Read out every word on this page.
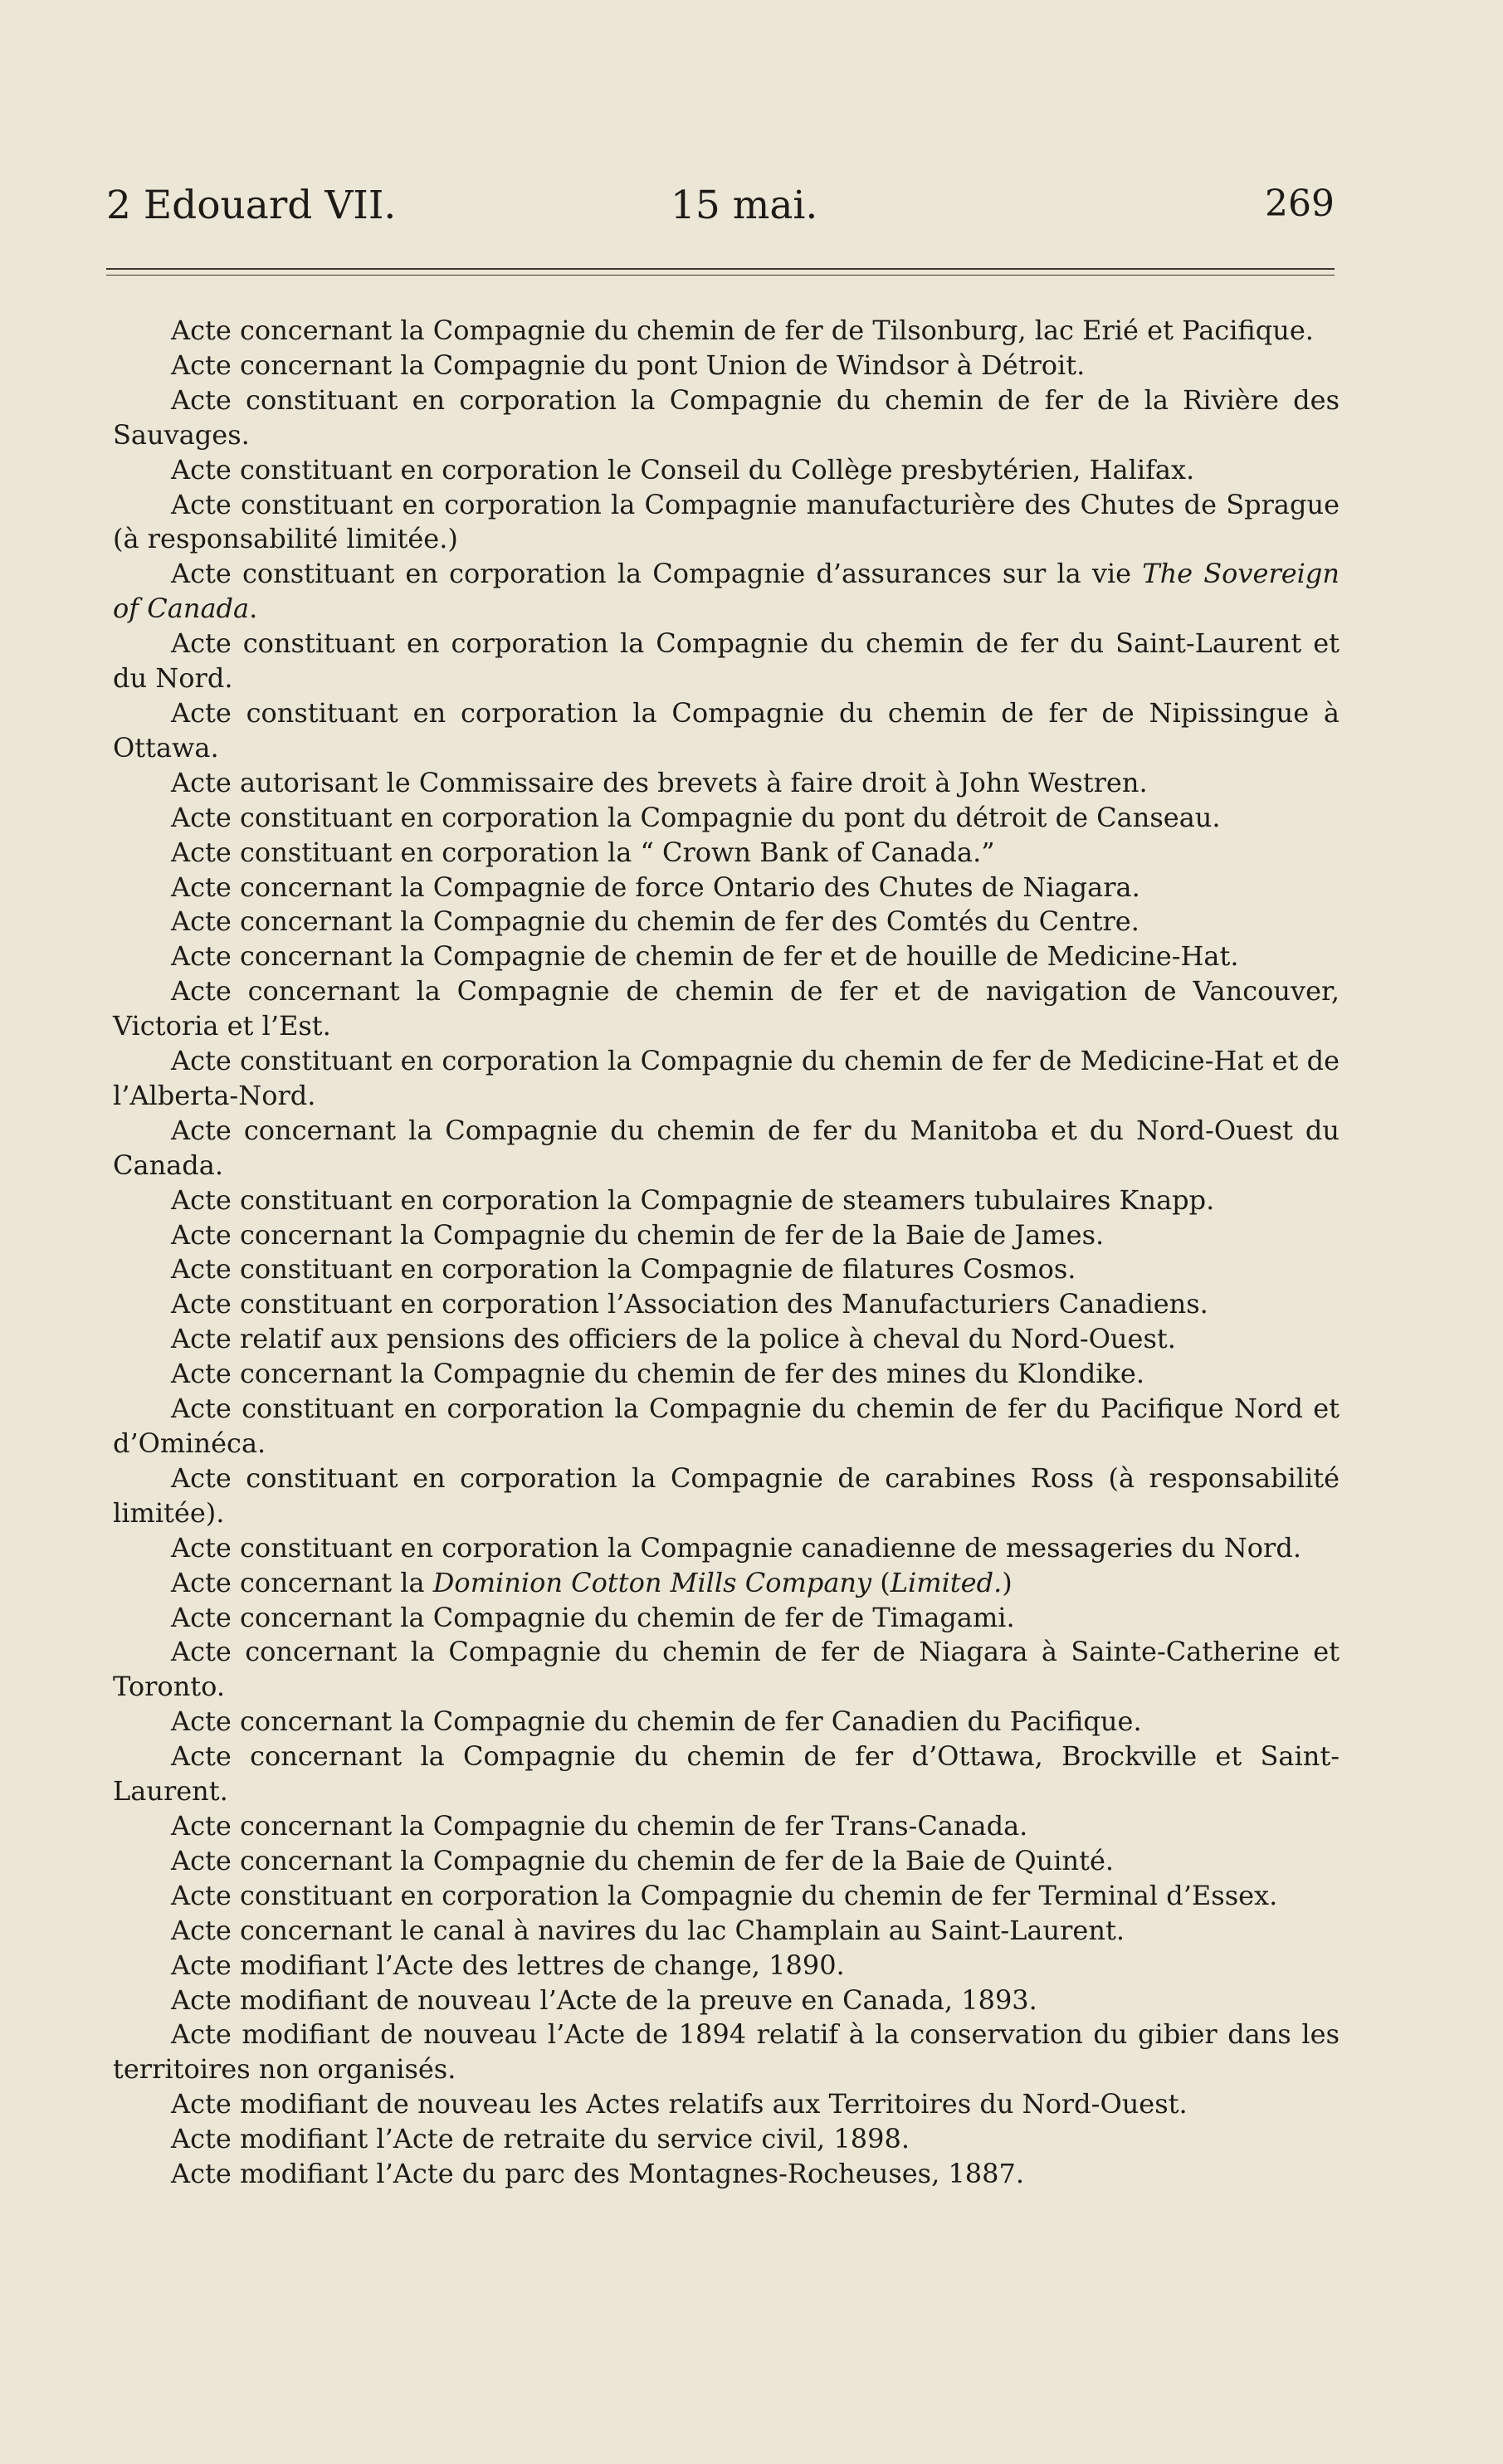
2 Edouard VII.	15 mai.	269

Acte concernant la Compagnie du chemin de fer de Tilsonburg, lac Erié et Pacifique.

Acte concernant la Compagnie du pont Union de Windsor à Détroit.

Acte constituant en corporation la Compagnie du chemin de fer de la Rivière des Sauvages.

Acte constituant en corporation le Conseil du Collège presbytérien, Halifax.

Acte constituant en corporation la Compagnie manufacturière des Chutes de Sprague (à responsabilité limitée.)

Acte constituant en corporation la Compagnie d’assurances sur la vie The Sovereign of Canada.

Acte constituant en corporation la Compagnie du chemin de fer du Saint-Laurent et du Nord.

Acte constituant en corporation la Compagnie du chemin de fer de Nipissingue à Ottawa.

Acte autorisant le Commissaire des brevets à faire droit à John Westren.

Acte constituant en corporation la Compagnie du pont du détroit de Canseau.

Acte constituant en corporation la “ Crown Bank of Canada.”

Acte concernant la Compagnie de force Ontario des Chutes de Niagara.

Acte concernant la Compagnie du chemin de fer des Comtés du Centre.

Acte concernant la Compagnie de chemin de fer et de houille de Medicine-Hat.

Acte concernant la Compagnie de chemin de fer et de navigation de Vancouver, Victoria et l’Est.

Acte constituant en corporation la Compagnie du chemin de fer de Medicine-Hat et de l’Alberta-Nord.

Acte concernant la Compagnie du chemin de fer du Manitoba et du Nord-Ouest du Canada.

Acte constituant en corporation la Compagnie de steamers tubulaires Knapp.

Acte concernant la Compagnie du chemin de fer de la Baie de James.

Acte constituant en corporation la Compagnie de filatures Cosmos.

Acte constituant en corporation l’Association des Manufacturiers Canadiens.

Acte relatif aux pensions des officiers de la police à cheval du Nord-Ouest.

Acte concernant la Compagnie du chemin de fer des mines du Klondike.

Acte constituant en corporation la Compagnie du chemin de fer du Pacifique Nord et d’Ominéca.

Acte constituant en corporation la Compagnie de carabines Ross (à responsabilité limitée).

Acte constituant en corporation la Compagnie canadienne de messageries du Nord.

Acte concernant la Dominion Cotton Mills Company (Limited.)

Acte concernant la Compagnie du chemin de fer de Timagami.

Acte concernant la Compagnie du chemin de fer de Niagara à Sainte-Catherine et Toronto.

Acte concernant la Compagnie du chemin de fer Canadien du Pacifique.

Acte concernant la Compagnie du chemin de fer d’Ottawa, Brockville et Saint-Laurent.

Acte concernant la Compagnie du chemin de fer Trans-Canada.

Acte concernant la Compagnie du chemin de fer de la Baie de Quinté.

Acte constituant en corporation la Compagnie du chemin de fer Terminal d’Essex.

Acte concernant le canal à navires du lac Champlain au Saint-Laurent.

Acte modifiant l’Acte des lettres de change, 1890.

Acte modifiant de nouveau l’Acte de la preuve en Canada, 1893.

Acte modifiant de nouveau l’Acte de 1894 relatif à la conservation du gibier dans les territoires non organisés.

Acte modifiant de nouveau les Actes relatifs aux Territoires du Nord-Ouest.

Acte modifiant l’Acte de retraite du service civil, 1898.

Acte modifiant l’Acte du parc des Montagnes-Rocheuses, 1887.
